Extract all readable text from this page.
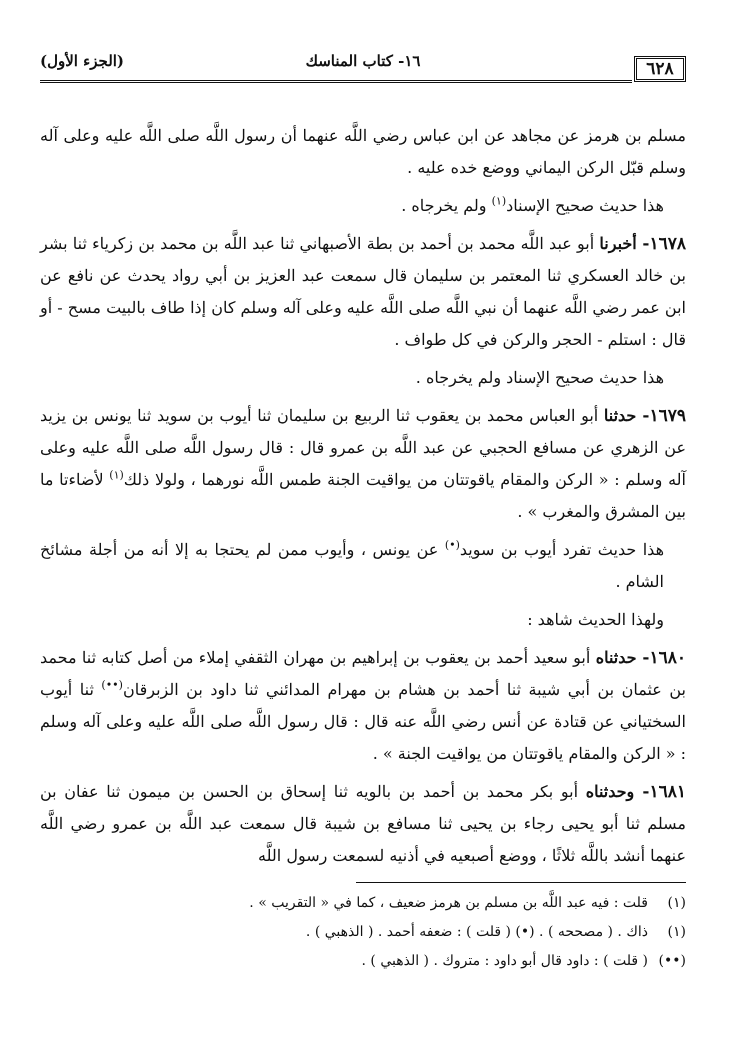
٦٢٨
١٦- كتاب المناسك
(الجزء الأول)

مسلم بن هرمز عن مجاهد عن ابن عباس رضي اللَّه عنهما أن رسول اللَّه صلى اللَّه عليه وعلى آله وسلم قبّل الركن اليماني ووضع خده عليه .

هذا حديث صحيح الإسناد$^{(١)}$ ولم يخرجاه .

١٦٧٨- أخبرنا أبو عبد اللَّه محمد بن أحمد بن بطة الأصبهاني ثنا عبد اللَّه بن محمد بن زكرياء ثنا بشر بن خالد العسكري ثنا المعتمر بن سليمان قال سمعت عبد العزيز بن أبي رواد يحدث عن نافع عن ابن عمر رضي اللَّه عنهما أن نبي اللَّه صلى اللَّه عليه وعلى آله وسلم كان إذا طاف بالبيت مسح - أو قال : استلم - الحجر والركن في كل طواف .

هذا حديث صحيح الإسناد ولم يخرجاه .

١٦٧٩- حدثنا أبو العباس محمد بن يعقوب ثنا الربيع بن سليمان ثنا أيوب بن سويد ثنا يونس بن يزيد عن الزهري عن مسافع الحجبي عن عبد اللَّه بن عمرو قال : قال رسول اللَّه صلى اللَّه عليه وعلى آله وسلم : « الركن والمقام ياقوتتان من يواقيت الجنة طمس اللَّه نورهما ، ولولا ذلك$^{(١)}$ لأضاءتا ما بين المشرق والمغرب » .

هذا حديث تفرد أيوب بن سويد(•) عن يونس ، وأيوب ممن لم يحتجا به إلا أنه من أجلة مشائخ الشام .

ولهذا الحديث شاهد :

١٦٨٠- حدثناه أبو سعيد أحمد بن يعقوب بن إبراهيم بن مهران الثقفي إملاء من أصل كتابه ثنا محمد بن عثمان بن أبي شيبة ثنا أحمد بن هشام بن مهرام المدائني ثنا داود بن الزبرقان(••) ثنا أيوب السختياني عن قتادة عن أنس رضي اللَّه عنه قال : قال رسول اللَّه صلى اللَّه عليه وعلى آله وسلم : « الركن والمقام ياقوتتان من يواقيت الجنة » .

١٦٨١- وحدثناه أبو بكر محمد بن أحمد بن بالويه ثنا إسحاق بن الحسن بن ميمون ثنا عفان بن مسلم ثنا أبو يحيى رجاء بن يحيى ثنا مسافع بن شيبة قال سمعت عبد اللَّه بن عمرو رضي اللَّه عنهما أنشد باللَّه ثلاثًا ، ووضع أصبعيه في أذنيه لسمعت رسول اللَّه

(١)
قلت : فيه عبد اللَّه بن مسلم بن هرمز ضعيف ، كما في « التقريب » .
(١)
ذاك . ( مصححه ) . (•) ( قلت ) : ضعفه أحمد . ( الذهبي ) .
(••)
( قلت ) : داود قال أبو داود : متروك . ( الذهبي ) .
